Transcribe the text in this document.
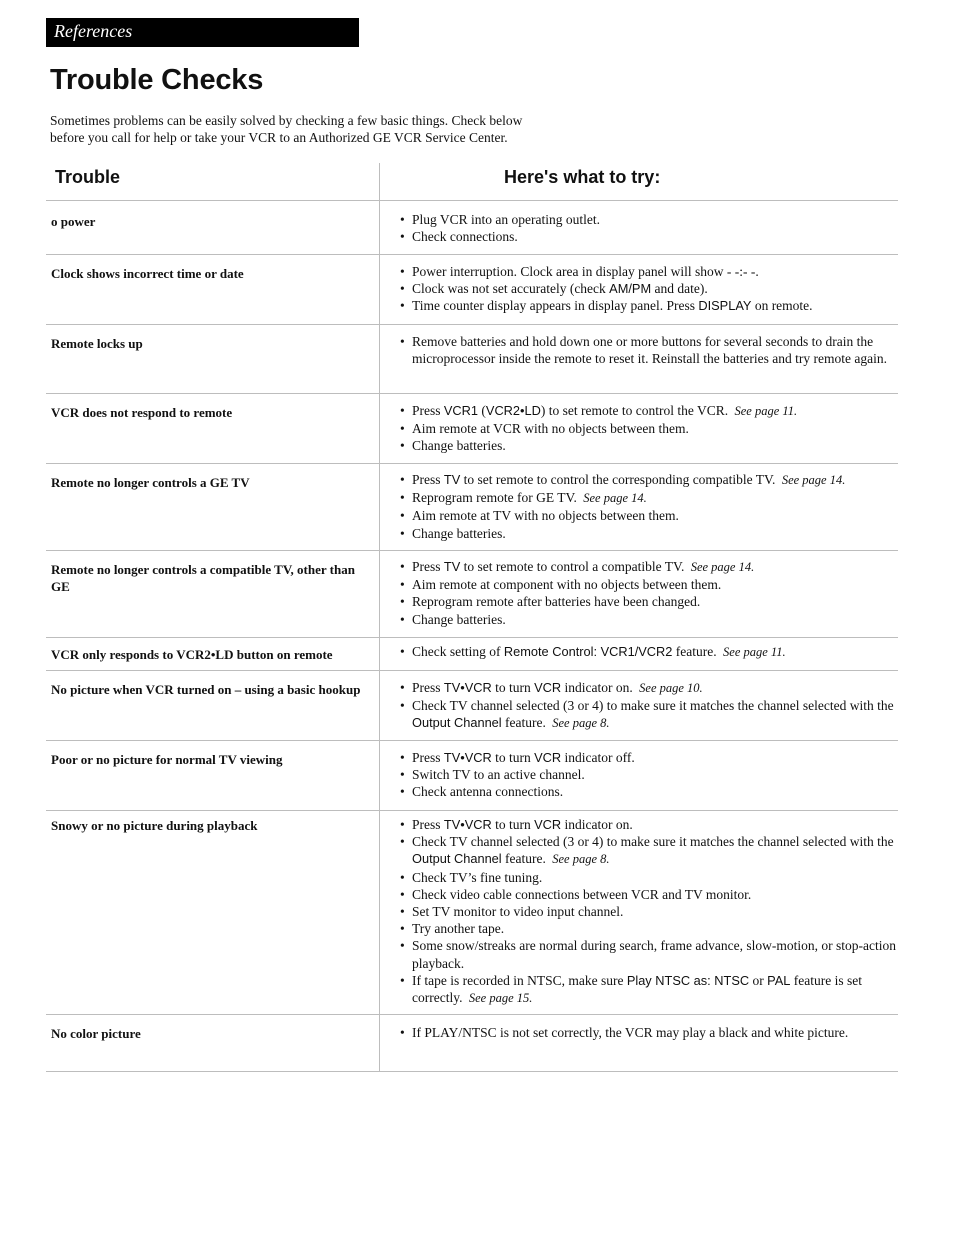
References
Trouble Checks
Sometimes problems can be easily solved by checking a few basic things. Check below
before you call for help or take your VCR to an Authorized GE VCR Service Center.
Trouble	Here's what to try:
o power	• Plug VCR into an operating outlet.
• Check connections.
Clock shows incorrect time or date	• Power interruption. Clock area in display panel will show - -:- -.
• Clock was not set accurately (check AM/PM and date).
• Time counter display appears in display panel. Press DISPLAY on remote.
Remote locks up	• Remove batteries and hold down one or more buttons for several seconds to drain the microprocessor inside the remote to reset it. Reinstall the batteries and try remote again.
VCR does not respond to remote	• Press VCR1 (VCR2•LD) to set remote to control the VCR. See page 11.
• Aim remote at VCR with no objects between them.
• Change batteries.
Remote no longer controls a GE TV	• Press TV to set remote to control the corresponding compatible TV. See page 14.
• Reprogram remote for GE TV. See page 14.
• Aim remote at TV with no objects between them.
• Change batteries.
Remote no longer controls a compatible TV, other than GE
• Press TV to set remote to control a compatible TV. See page 14.
• Aim remote at component with no objects between them.
• Reprogram remote after batteries have been changed.
• Change batteries.
VCR only responds to VCR2•LD button on remote	• Check setting of Remote Control: VCR1/VCR2 feature. See page 11.
No picture when VCR turned on – using a basic hookup	• Press TV•VCR to turn VCR indicator on. See page 10.
• Check TV channel selected (3 or 4) to make sure it matches the channel selected with the Output Channel feature. See page 8.
Poor or no picture for normal TV viewing	• Press TV•VCR to turn VCR indicator off.
• Switch TV to an active channel.
• Check antenna connections.
Snowy or no picture during playback	• Press TV•VCR to turn VCR indicator on.
• Check TV channel selected (3 or 4) to make sure it matches the channel selected with the Output Channel feature. See page 8.
• Check TV’s fine tuning.
• Check video cable connections between VCR and TV monitor.
• Set TV monitor to video input channel.
• Try another tape.
• Some snow/streaks are normal during search, frame advance, slow-motion, or stop-action playback.
• If tape is recorded in NTSC, make sure Play NTSC as: NTSC or PAL feature is set correctly. See page 15.
No color picture	• If PLAY/NTSC is not set correctly, the VCR may play a black and white picture.
